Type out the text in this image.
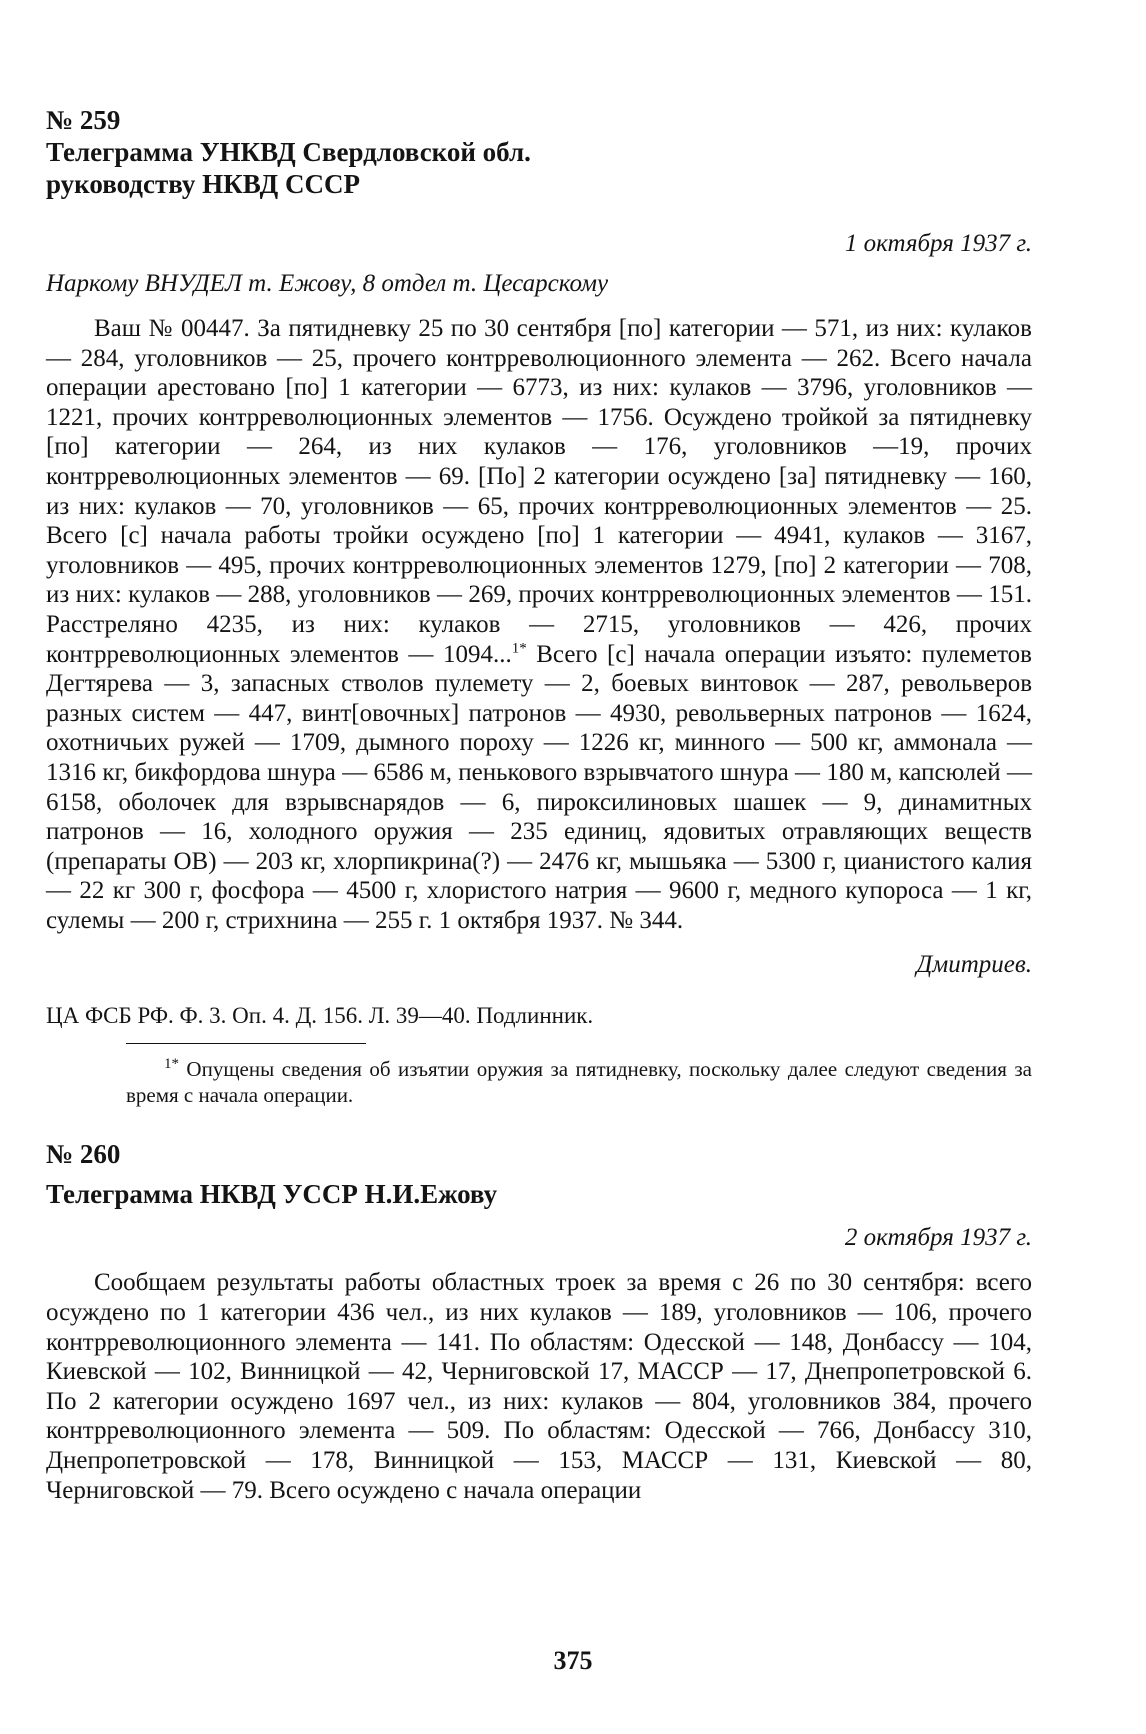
№ 259

Телеграмма УНКВД Свердловской обл.

руководству НКВД СССР

1 октября 1937 г.

Наркому ВНУДЕЛ т. Ежову, 8 отдел т. Цесарскому

Ваш № 00447. За пятидневку 25 по 30 сентября [по] категории — 571, из них: кулаков — 284, уголовников — 25, прочего контрреволюционного элемента — 262. Всего начала операции арестовано [по] 1 категории — 6773, из них: кулаков — 3796, уголовников — 1221, прочих контрреволюционных элементов — 1756. Осуждено тройкой за пятидневку [по] категории — 264, из них кулаков — 176, уголовников —19, прочих контрреволюционных элементов — 69. [По] 2 категории осуждено [за] пятидневку — 160, из них: кулаков — 70, уголовников — 65, прочих контрреволюционных элементов — 25. Всего [с] начала работы тройки осуждено [по] 1 категории — 4941, кулаков — 3167, уголовников — 495, прочих контрреволюционных элементов 1279, [по] 2 категории — 708, из них: кулаков — 288, уголовников — 269, прочих контрреволюционных элементов — 151. Расстреляно 4235, из них: кулаков — 2715, уголовников — 426, прочих контрреволюционных элементов — 1094...$^{1*}$ Всего [с] начала операции изъято: пулеметов Дегтярева — 3, запасных стволов пулемету — 2, боевых винтовок — 287, револьверов разных систем — 447, винт[овочных] патронов — 4930, револьверных патронов — 1624, охотничьих ружей — 1709, дымного пороху — 1226 кг, минного — 500 кг, аммонала — 1316 кг, бикфордова шнура — 6586 м, пенькового взрывчатого шнура — 180 м, капсюлей — 6158, оболочек для взрывснарядов — 6, пироксилиновых шашек — 9, динамитных патронов — 16, холодного оружия — 235 единиц, ядовитых отравляющих веществ (препараты ОВ) — 203 кг, хлорпикрина(?) — 2476 кг, мышьяка — 5300 г, цианистого калия — 22 кг 300 г, фосфора — 4500 г, хлористого натрия — 9600 г, медного купороса — 1 кг, сулемы — 200 г, стрихнина — 255 г. 1 октября 1937. № 344.

Дмитриев.

ЦА ФСБ РФ. Ф. 3. Оп. 4. Д. 156. Л. 39—40. Подлинник.

$^{1*}$ Опущены сведения об изъятии оружия за пятидневку, поскольку далее следуют сведения за время с начала операции.

№ 260

Телеграмма НКВД УССР Н.И.Ежову

2 октября 1937 г.

Сообщаем результаты работы областных троек за время с 26 по 30 сентября: всего осуждено по 1 категории 436 чел., из них кулаков — 189, уголовников — 106, прочего контрреволюционного элемента — 141. По областям: Одесской — 148, Донбассу — 104, Киевской — 102, Винницкой — 42, Черниговской 17, МАССР — 17, Днепропетровской 6. По 2 категории осуждено 1697 чел., из них: кулаков — 804, уголовников 384, прочего контрреволюционного элемента — 509. По областям: Одесской — 766, Донбассу 310, Днепропетровской — 178, Винницкой — 153, МАССР — 131, Киевской — 80, Черниговской — 79. Всего осуждено с начала операции

375
